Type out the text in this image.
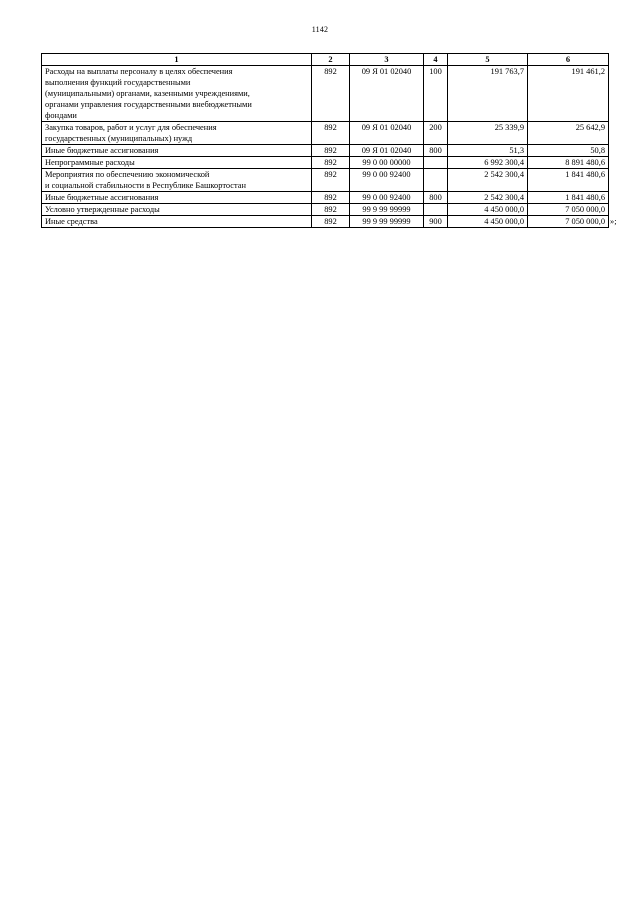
1142
1	2	3	4	5	6

Расходы на выплаты персоналу в целях обеспечения
выполнения функций государственными
(муниципальными) органами, казенными учреждениями,
органами управления государственными внебюджетными
фондами	892	09 Я 01 02040	100	191 763,7	191 461,2

Закупка товаров, работ и услуг для обеспечения
государственных (муниципальных) нужд	892	09 Я 01 02040	200	25 339,9	25 642,9

Иные бюджетные ассигнования	892	09 Я 01 02040	800	51,3	50,8

Непрограммные расходы	892	99 0 00 00000		6 992 300,4	8 891 480,6

Мероприятия по обеспечению экономической
и социальной стабильности в Республике Башкортостан	892	99 0 00 92400		2 542 300,4	1 841 480,6

Иные бюджетные ассигнования	892	99 0 00 92400	800	2 542 300,4	1 841 480,6

Условно утвержденные расходы	892	99 9 99 99999		4 450 000,0	7 050 000,0

Иные средства	892	99 9 99 99999	900	4 450 000,0	7 050 000,0 »;
